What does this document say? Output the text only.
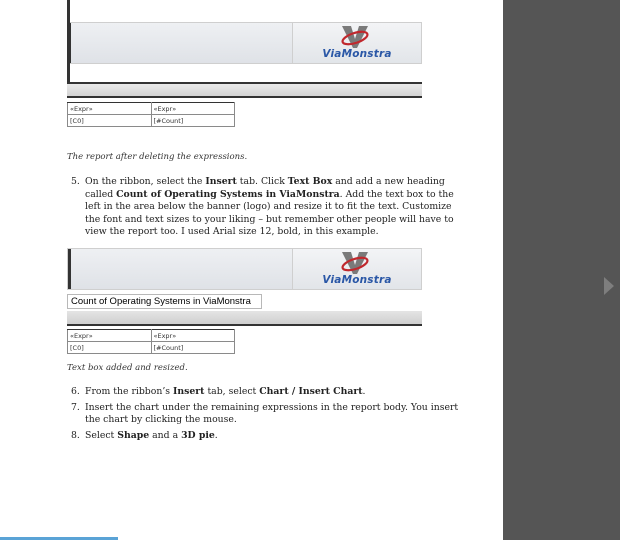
ViaMonstra
«Expr»	«Expr»
[C0]	[#Count]
The report after deleting the expressions.
5. On the ribbon, select the Insert tab. Click Text Box and add a new heading called Count of Operating Systems in ViaMonstra. Add the text box to the left in the area below the banner (logo) and resize it to fit the text. Customize the font and text sizes to your liking – but remember other people will have to view the report too. I used Arial size 12, bold, in this example.
ViaMonstra
Count of Operating Systems in ViaMonstra
«Expr»	«Expr»
[C0]	[#Count]
Text box added and resized.
6. From the ribbon’s Insert tab, select Chart / Insert Chart.
7. Insert the chart under the remaining expressions in the report body. You insert the chart by clicking the mouse.
8. Select Shape and a 3D pie.
